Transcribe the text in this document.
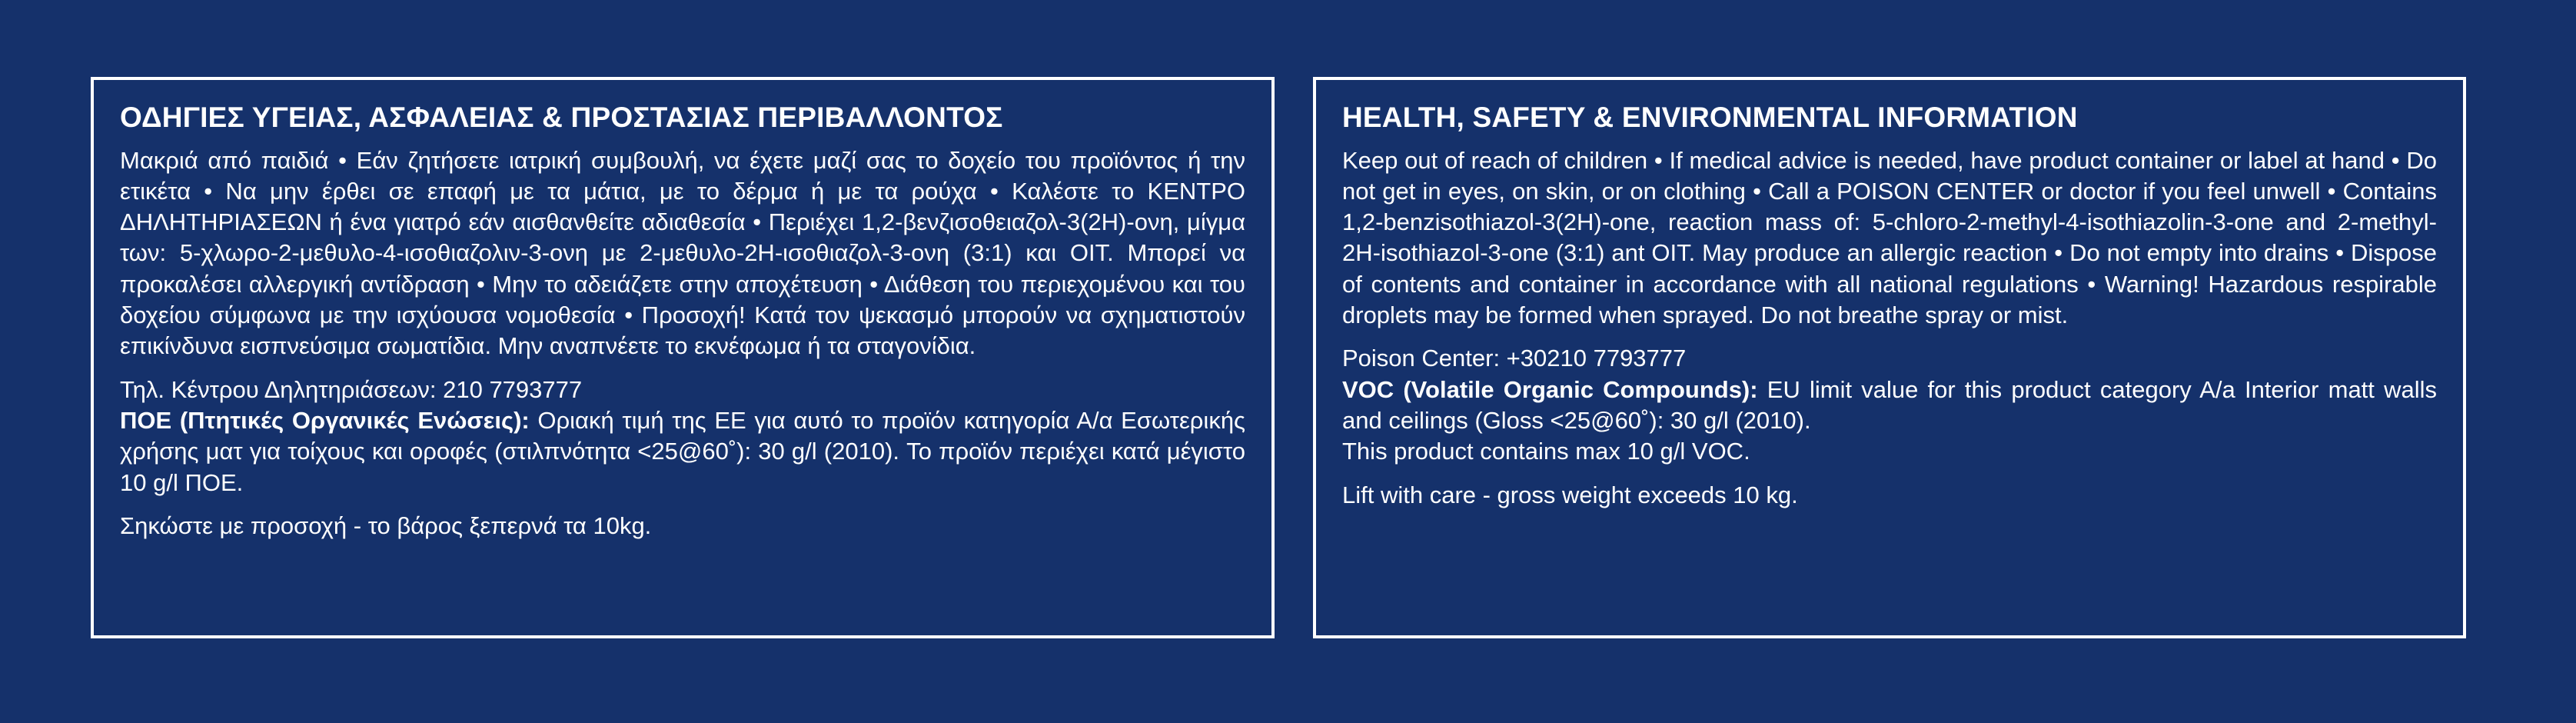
ΟΔΗΓΙΕΣ ΥΓΕΙΑΣ, ΑΣΦΑΛΕΙΑΣ & ΠΡΟΣΤΑΣΙΑΣ ΠΕΡΙΒΑΛΛΟΝΤΟΣ

Μακριά από παιδιά • Εάν ζητήσετε ιατρική συμβουλή, να έχετε μαζί σας το δοχείο του προϊόντος ή την ετικέτα • Να μην έρθει σε επαφή με τα μάτια, με το δέρμα ή με τα ρούχα • Καλέστε το ΚΕΝΤΡΟ ΔΗΛΗΤΗΡΙΑΣΕΩΝ ή ένα γιατρό εάν αισθανθείτε αδιαθεσία • Περιέχει 1,2-βενζισοθειαζολ-3(2H)-ονη, μίγμα των: 5-χλωρο-2-μεθυλο-4-ισοθιαζολιν-3-ονη με 2-μεθυλο-2H-ισοθιαζολ-3-ονη (3:1) και OIT. Μπορεί να προκαλέσει αλλεργική αντίδραση • Μην το αδειάζετε στην αποχέτευση • Διάθεση του περιεχομένου και του δοχείου σύμφωνα με την ισχύουσα νομοθεσία • Προσοχή! Κατά τον ψεκασμό μπορούν να σχηματιστούν επικίνδυνα εισπνεύσιμα σωματίδια. Μην αναπνέετε το εκνέφωμα ή τα σταγονίδια.

Τηλ. Κέντρου Δηλητηριάσεων: 210 7793777

ΠΟΕ (Πτητικές Οργανικές Ενώσεις): Οριακή τιμή της ΕΕ για αυτό το προϊόν κατηγορία Α/α Εσωτερικής χρήσης ματ για τοίχους και οροφές (στιλπνότητα <25@60˚): 30 g/l (2010). Το προϊόν περιέχει κατά μέγιστο 10 g/l ΠΟΕ.

Σηκώστε με προσοχή - το βάρος ξεπερνά τα 10kg.

HEALTH, SAFETY & ENVIRONMENTAL INFORMATION

Keep out of reach of children • If medical advice is needed, have product container or label at hand • Do not get in eyes, on skin, or on clothing • Call a POISON CENTER or doctor if you feel unwell • Contains 1,2-benzisothiazol-3(2H)-one, reaction mass of: 5-chloro-2-methyl-4-isothiazolin-3-one and 2-methyl-2H-isothiazol-3-one (3:1) ant OIT. May produce an allergic reaction • Do not empty into drains • Dispose of contents and container in accordance with all national regulations • Warning! Hazardous respirable droplets may be formed when sprayed. Do not breathe spray or mist.

Poison Center: +30210 7793777

VOC (Volatile Organic Compounds): EU limit value for this product category A/a Interior matt walls and ceilings (Gloss <25@60˚): 30 g/l (2010).

This product contains max 10 g/l VOC.

Lift with care - gross weight exceeds 10 kg.
